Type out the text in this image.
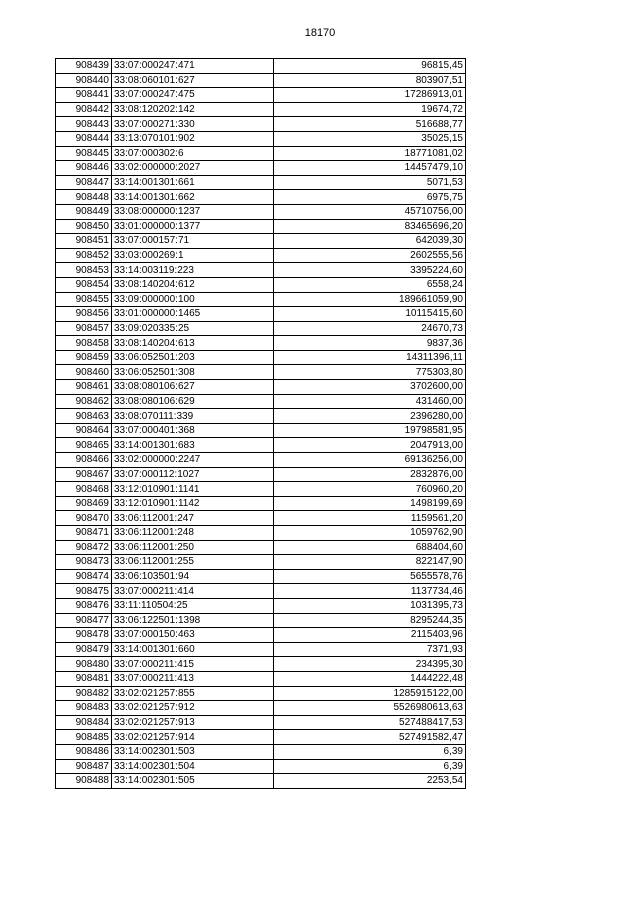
18170
908439	33:07:000247:471	96815,45
908440	33:08:060101:627	803907,51
908441	33:07:000247:475	17286913,01
908442	33:08:120202:142	19674,72
908443	33:07:000271:330	516688,77
908444	33:13:070101:902	35025,15
908445	33:07:000302:6	18771081,02
908446	33:02:000000:2027	14457479,10
908447	33:14:001301:661	5071,53
908448	33:14:001301:662	6975,75
908449	33:08:000000:1237	45710756,00
908450	33:01:000000:1377	83465696,20
908451	33:07:000157:71	642039,30
908452	33:03:000269:1	2602555,56
908453	33:14:003119:223	3395224,60
908454	33:08:140204:612	6558,24
908455	33:09:000000:100	189661059,90
908456	33:01:000000:1465	10115415,60
908457	33:09:020335:25	24670,73
908458	33:08:140204:613	9837,36
908459	33:06:052501:203	14311396,11
908460	33:06:052501:308	775303,80
908461	33:08:080106:627	3702600,00
908462	33:08:080106:629	431460,00
908463	33:08:070111:339	2396280,00
908464	33:07:000401:368	19798581,95
908465	33:14:001301:683	2047913,00
908466	33:02:000000:2247	69136256,00
908467	33:07:000112:1027	2832876,00
908468	33:12:010901:1141	760960,20
908469	33:12:010901:1142	1498199,69
908470	33:06:112001:247	1159561,20
908471	33:06:112001:248	1059762,90
908472	33:06:112001:250	688404,60
908473	33:06:112001:255	822147,90
908474	33:06:103501:94	5655578,76
908475	33:07:000211:414	1137734,46
908476	33:11:110504:25	1031395,73
908477	33:06:122501:1398	8295244,35
908478	33:07:000150:463	2115403,96
908479	33:14:001301:660	7371,93
908480	33:07:000211:415	234395,30
908481	33:07:000211:413	1444222,48
908482	33:02:021257:855	1285915122,00
908483	33:02:021257:912	5526980613,63
908484	33:02:021257:913	527488417,53
908485	33:02:021257:914	527491582,47
908486	33:14:002301:503	6,39
908487	33:14:002301:504	6,39
908488	33:14:002301:505	2253,54
